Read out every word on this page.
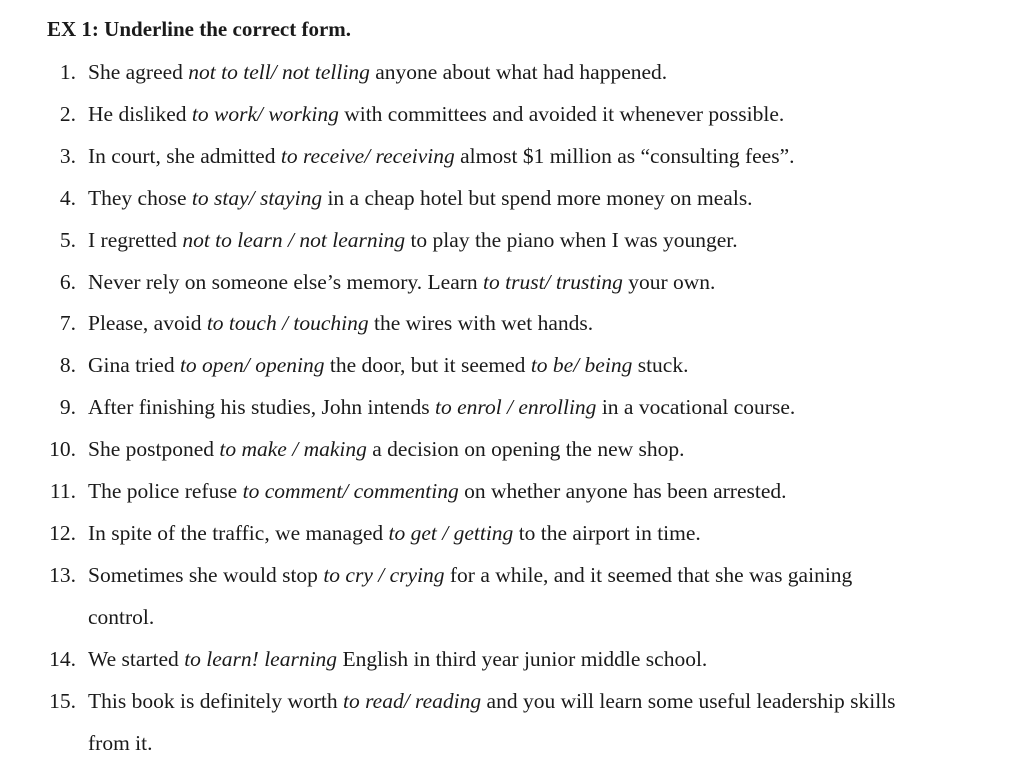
EX 1: Underline the correct form.
1. She agreed not to tell/ not telling anyone about what had happened.
2. He disliked to work/ working with committees and avoided it whenever possible.
3. In court, she admitted to receive/ receiving almost $1 million as “consulting fees”.
4. They chose to stay/ staying in a cheap hotel but spend more money on meals.
5. I regretted not to learn / not learning to play the piano when I was younger.
6. Never rely on someone else’s memory. Learn to trust/ trusting your own.
7. Please, avoid to touch / touching the wires with wet hands.
8. Gina tried to open/ opening the door, but it seemed to be/ being stuck.
9. After finishing his studies, John intends to enrol / enrolling in a vocational course.
10. She postponed to make / making a decision on opening the new shop.
11. The police refuse to comment/ commenting on whether anyone has been arrested.
12. In spite of the traffic, we managed to get / getting to the airport in time.
13. Sometimes she would stop to cry / crying for a while, and it seemed that she was gaining
control.
14. We started to learn! learning English in third year junior middle school.
15. This book is definitely worth to read/ reading and you will learn some useful leadership skills
from it.
